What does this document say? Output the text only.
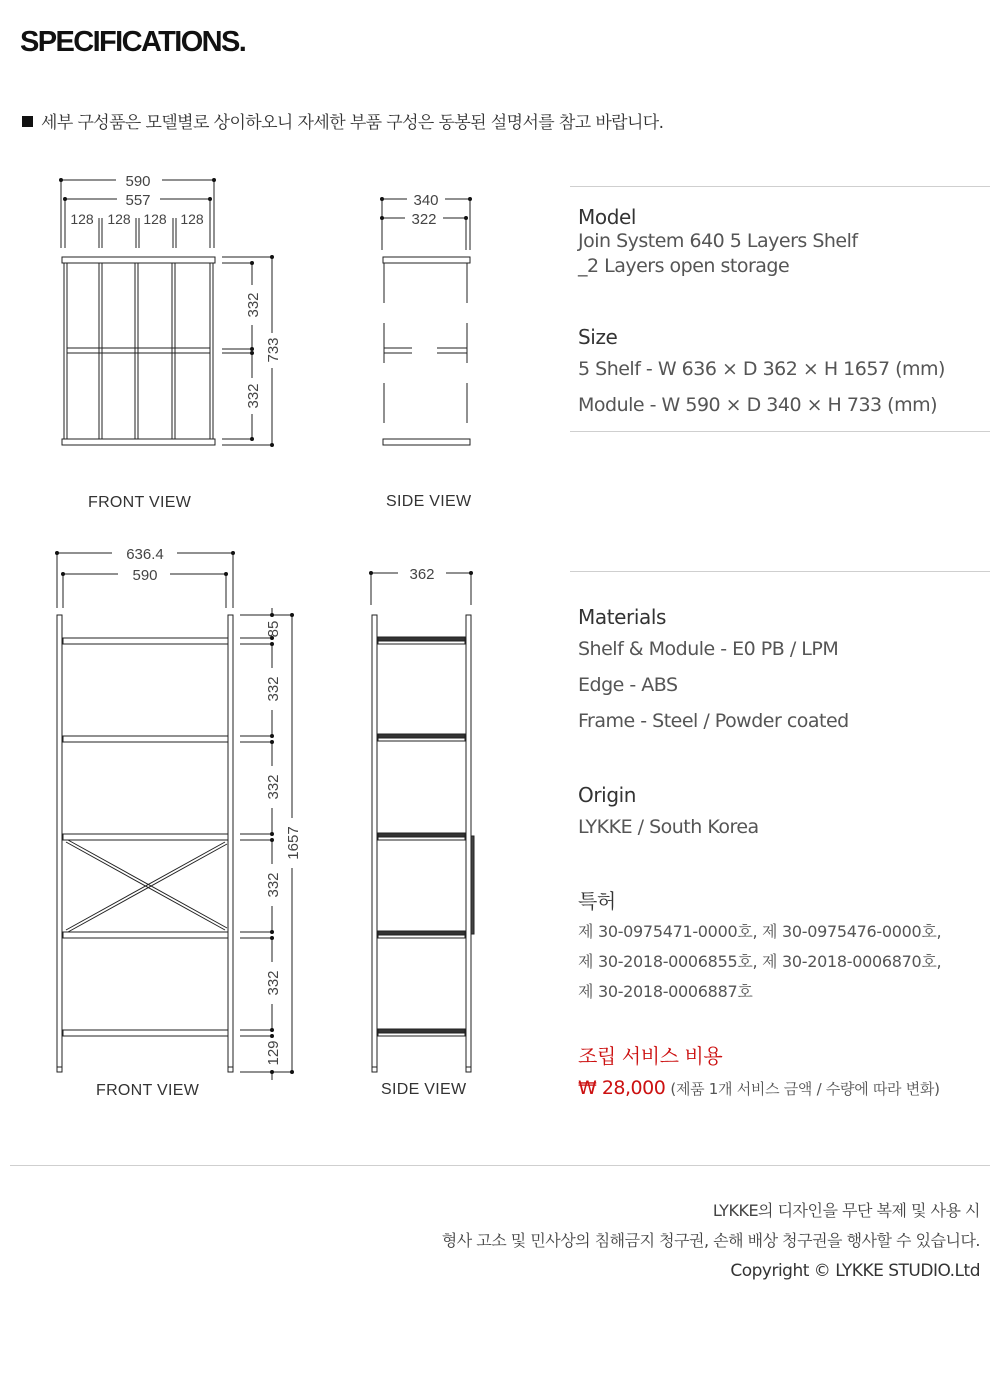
SPECIFICATIONS.
세부 구성품은 모델별로 상이하오니 자세한 부품 구성은 동봉된 설명서를 참고 바랍니다.
590
557
128 128 128 128
332
332
733
340
322
636.4
590
85
332
332
332
332
129
1657
362
FRONT VIEW	SIDE VIEW
FRONT VIEW	SIDE VIEW
Model
Join System 640 5 Layers Shelf
_2 Layers open storage
Size
5 Shelf - W 636 × D 362 × H 1657 (mm)
Module - W 590 × D 340 × H 733 (mm)
Materials
Shelf & Module - E0 PB / LPM
Edge - ABS
Frame - Steel / Powder coated
Origin
LYKKE / South Korea
특허
제 30-0975471-0000호, 제 30-0975476-0000호,
제 30-2018-0006855호, 제 30-2018-0006870호,
제 30-2018-0006887호
조립 서비스 비용
₩ 28,000 (제품 1개 서비스 금액 / 수량에 따라 변화)
LYKKE의 디자인을 무단 복제 및 사용 시
형사 고소 및 민사상의 침해금지 청구권, 손해 배상 청구권을 행사할 수 있습니다.
Copyright © LYKKE STUDIO.Ltd
